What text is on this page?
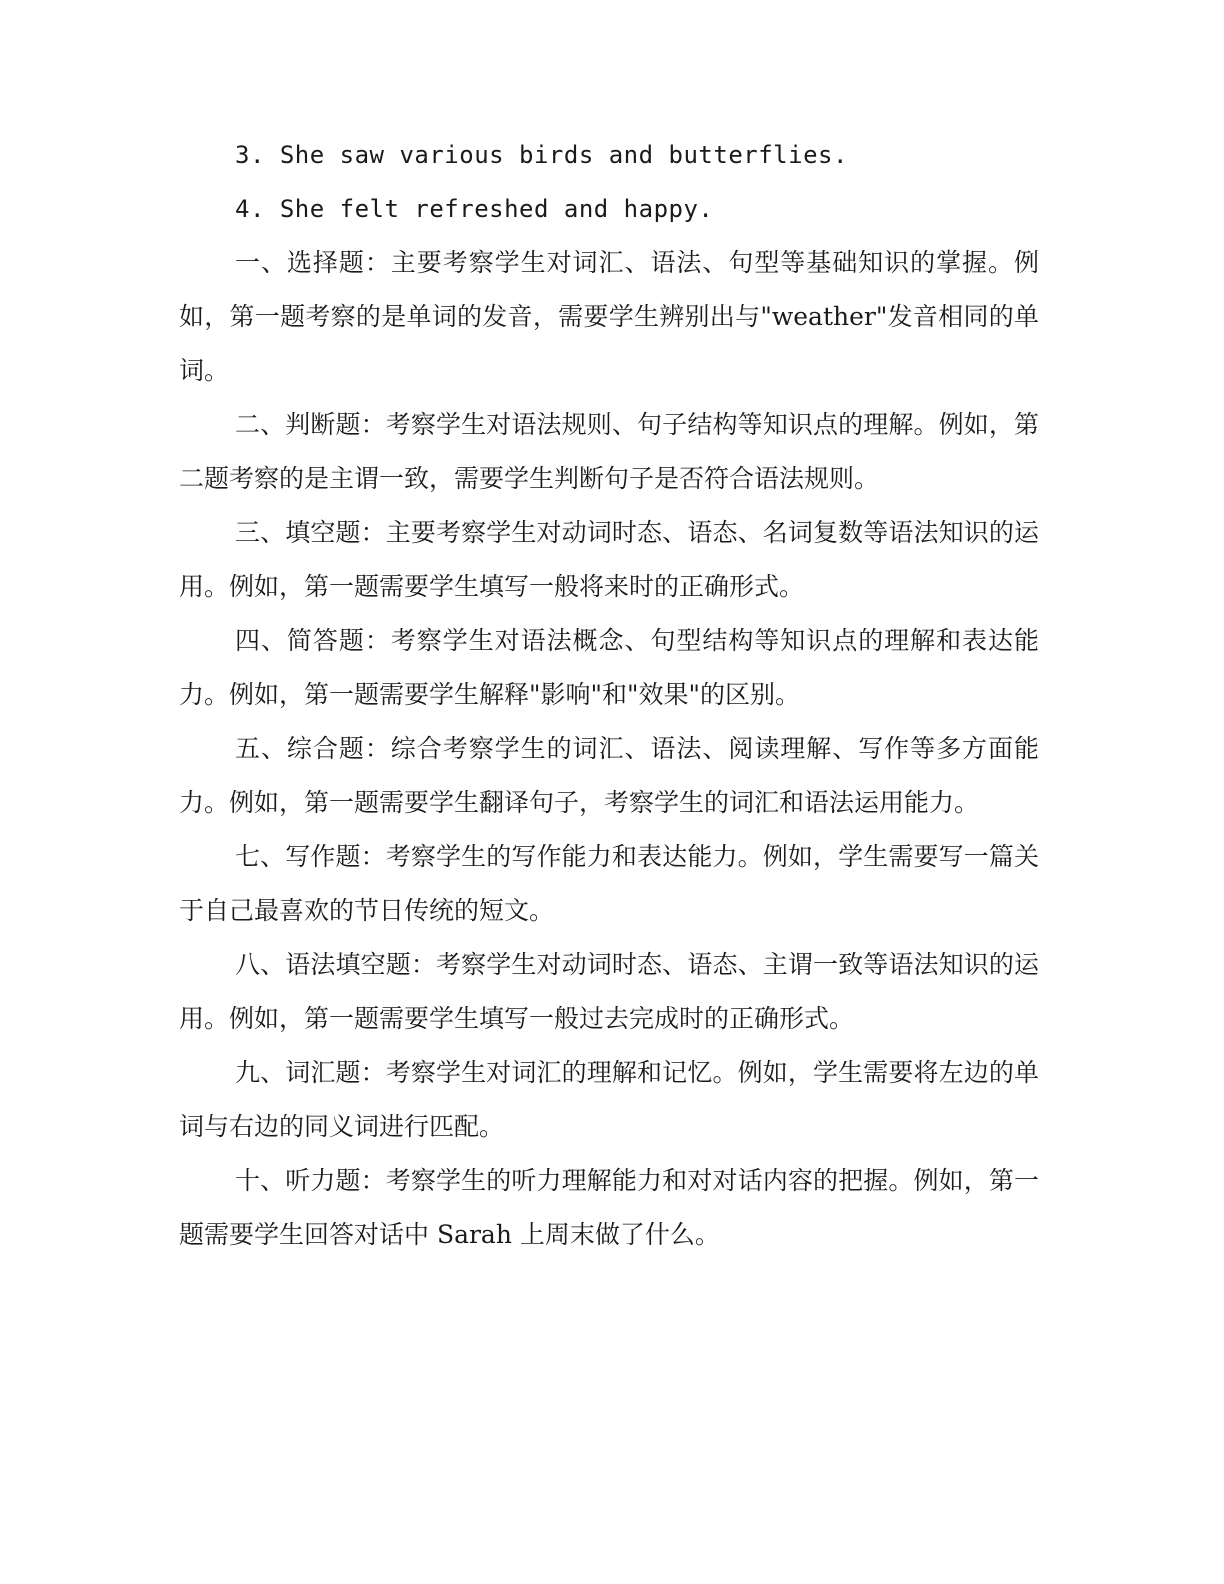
3. She saw various birds and butterflies.

4. She felt refreshed and happy.

一、选择题：主要考察学生对词汇、语法、句型等基础知识的掌握。例如，第一题考察的是单词的发音，需要学生辨别出与"weather"发音相同的单词。

二、判断题：考察学生对语法规则、句子结构等知识点的理解。例如，第二题考察的是主谓一致，需要学生判断句子是否符合语法规则。

三、填空题：主要考察学生对动词时态、语态、名词复数等语法知识的运用。例如，第一题需要学生填写一般将来时的正确形式。

四、简答题：考察学生对语法概念、句型结构等知识点的理解和表达能力。例如，第一题需要学生解释"影响"和"效果"的区别。

五、综合题：综合考察学生的词汇、语法、阅读理解、写作等多方面能力。例如，第一题需要学生翻译句子，考察学生的词汇和语法运用能力。

七、写作题：考察学生的写作能力和表达能力。例如，学生需要写一篇关于自己最喜欢的节日传统的短文。

八、语法填空题：考察学生对动词时态、语态、主谓一致等语法知识的运用。例如，第一题需要学生填写一般过去完成时的正确形式。

九、词汇题：考察学生对词汇的理解和记忆。例如，学生需要将左边的单词与右边的同义词进行匹配。

十、听力题：考察学生的听力理解能力和对对话内容的把握。例如，第一题需要学生回答对话中 Sarah 上周末做了什么。
